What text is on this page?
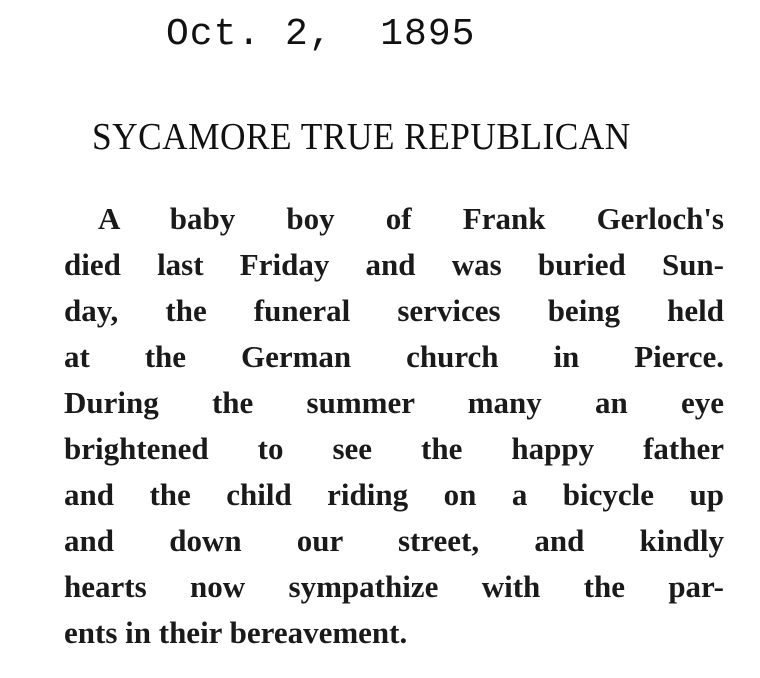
Oct. 2,  1895
SYCAMORE TRUE REPUBLICAN
A baby boy of Frank Gerloch's
died last Friday and was buried Sun-
day, the funeral services being held
at the German church in Pierce.
During the summer many an eye
brightened to see the happy father
and the child riding on a bicycle up
and down our street, and kindly
hearts now sympathize with the par-
ents in their bereavement.
